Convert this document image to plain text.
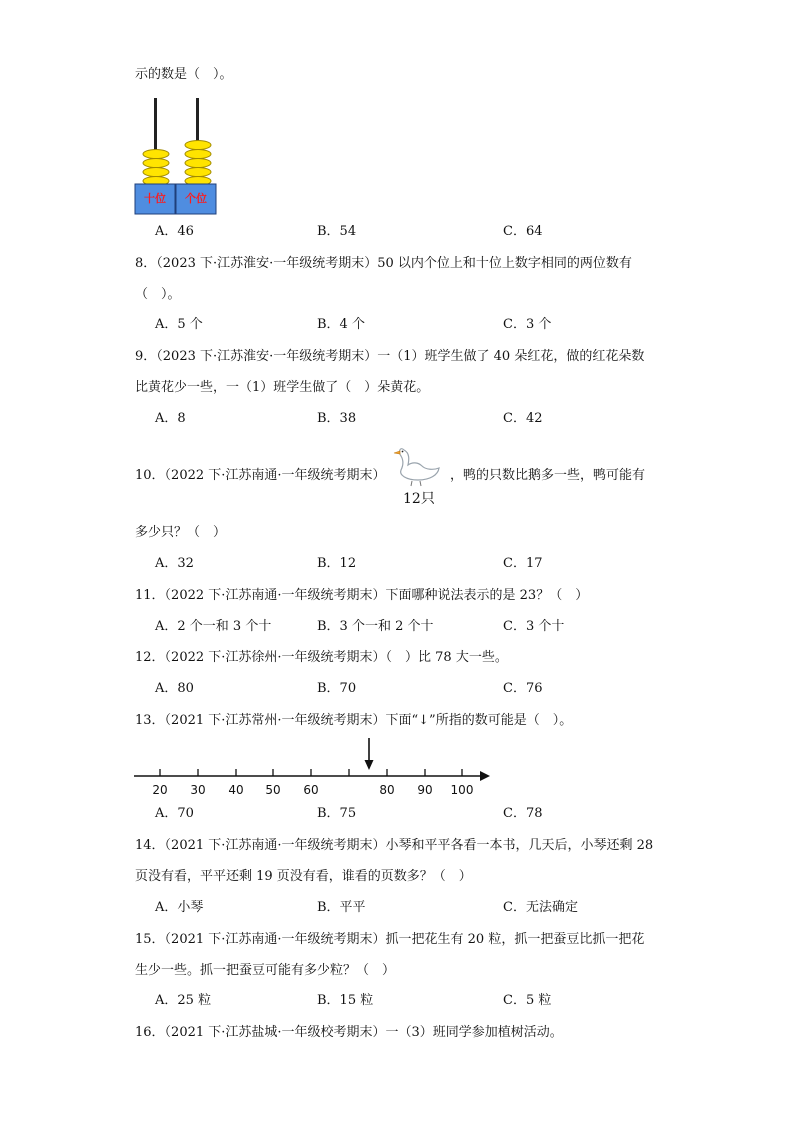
示的数是（　）。
十位 个位
A．46	B．54	C．64
8．（2023 下·江苏淮安·一年级统考期末）50 以内个位上和十位上数字相同的两位数有
（　）。
A．5 个	B．4 个	C．3 个
9．（2023 下·江苏淮安·一年级统考期末）一（1）班学生做了 40 朵红花，做的红花朵数
比黄花少一些，一（1）班学生做了（　）朵黄花。
A．8	B．38	C．42
10．（2022 下·江苏南通·一年级统考期末）	，鸭的只数比鹅多一些，鸭可能有
12只
多少只？（　）
A．32	B．12	C．17
11．（2022 下·江苏南通·一年级统考期末）下面哪种说法表示的是 23？（　）
A．2 个一和 3 个十	B．3 个一和 2 个十	C．3 个十
12．（2022 下·江苏徐州·一年级统考期末）（　）比 78 大一些。
A．80	B．70	C．76
13．（2021 下·江苏常州·一年级统考期末）下面“↓”所指的数可能是（　）。
20 30 40 50 60	80 90 100
A．70	B．75	C．78
14．（2021 下·江苏南通·一年级统考期末）小琴和平平各看一本书，几天后，小琴还剩 28
页没有看，平平还剩 19 页没有看，谁看的页数多？（　）
A．小琴	B．平平	C．无法确定
15．（2021 下·江苏南通·一年级统考期末）抓一把花生有 20 粒，抓一把蚕豆比抓一把花
生少一些。抓一把蚕豆可能有多少粒？（　）
A．25 粒	B．15 粒	C．5 粒
16．（2021 下·江苏盐城·一年级校考期末）一（3）班同学参加植树活动。
